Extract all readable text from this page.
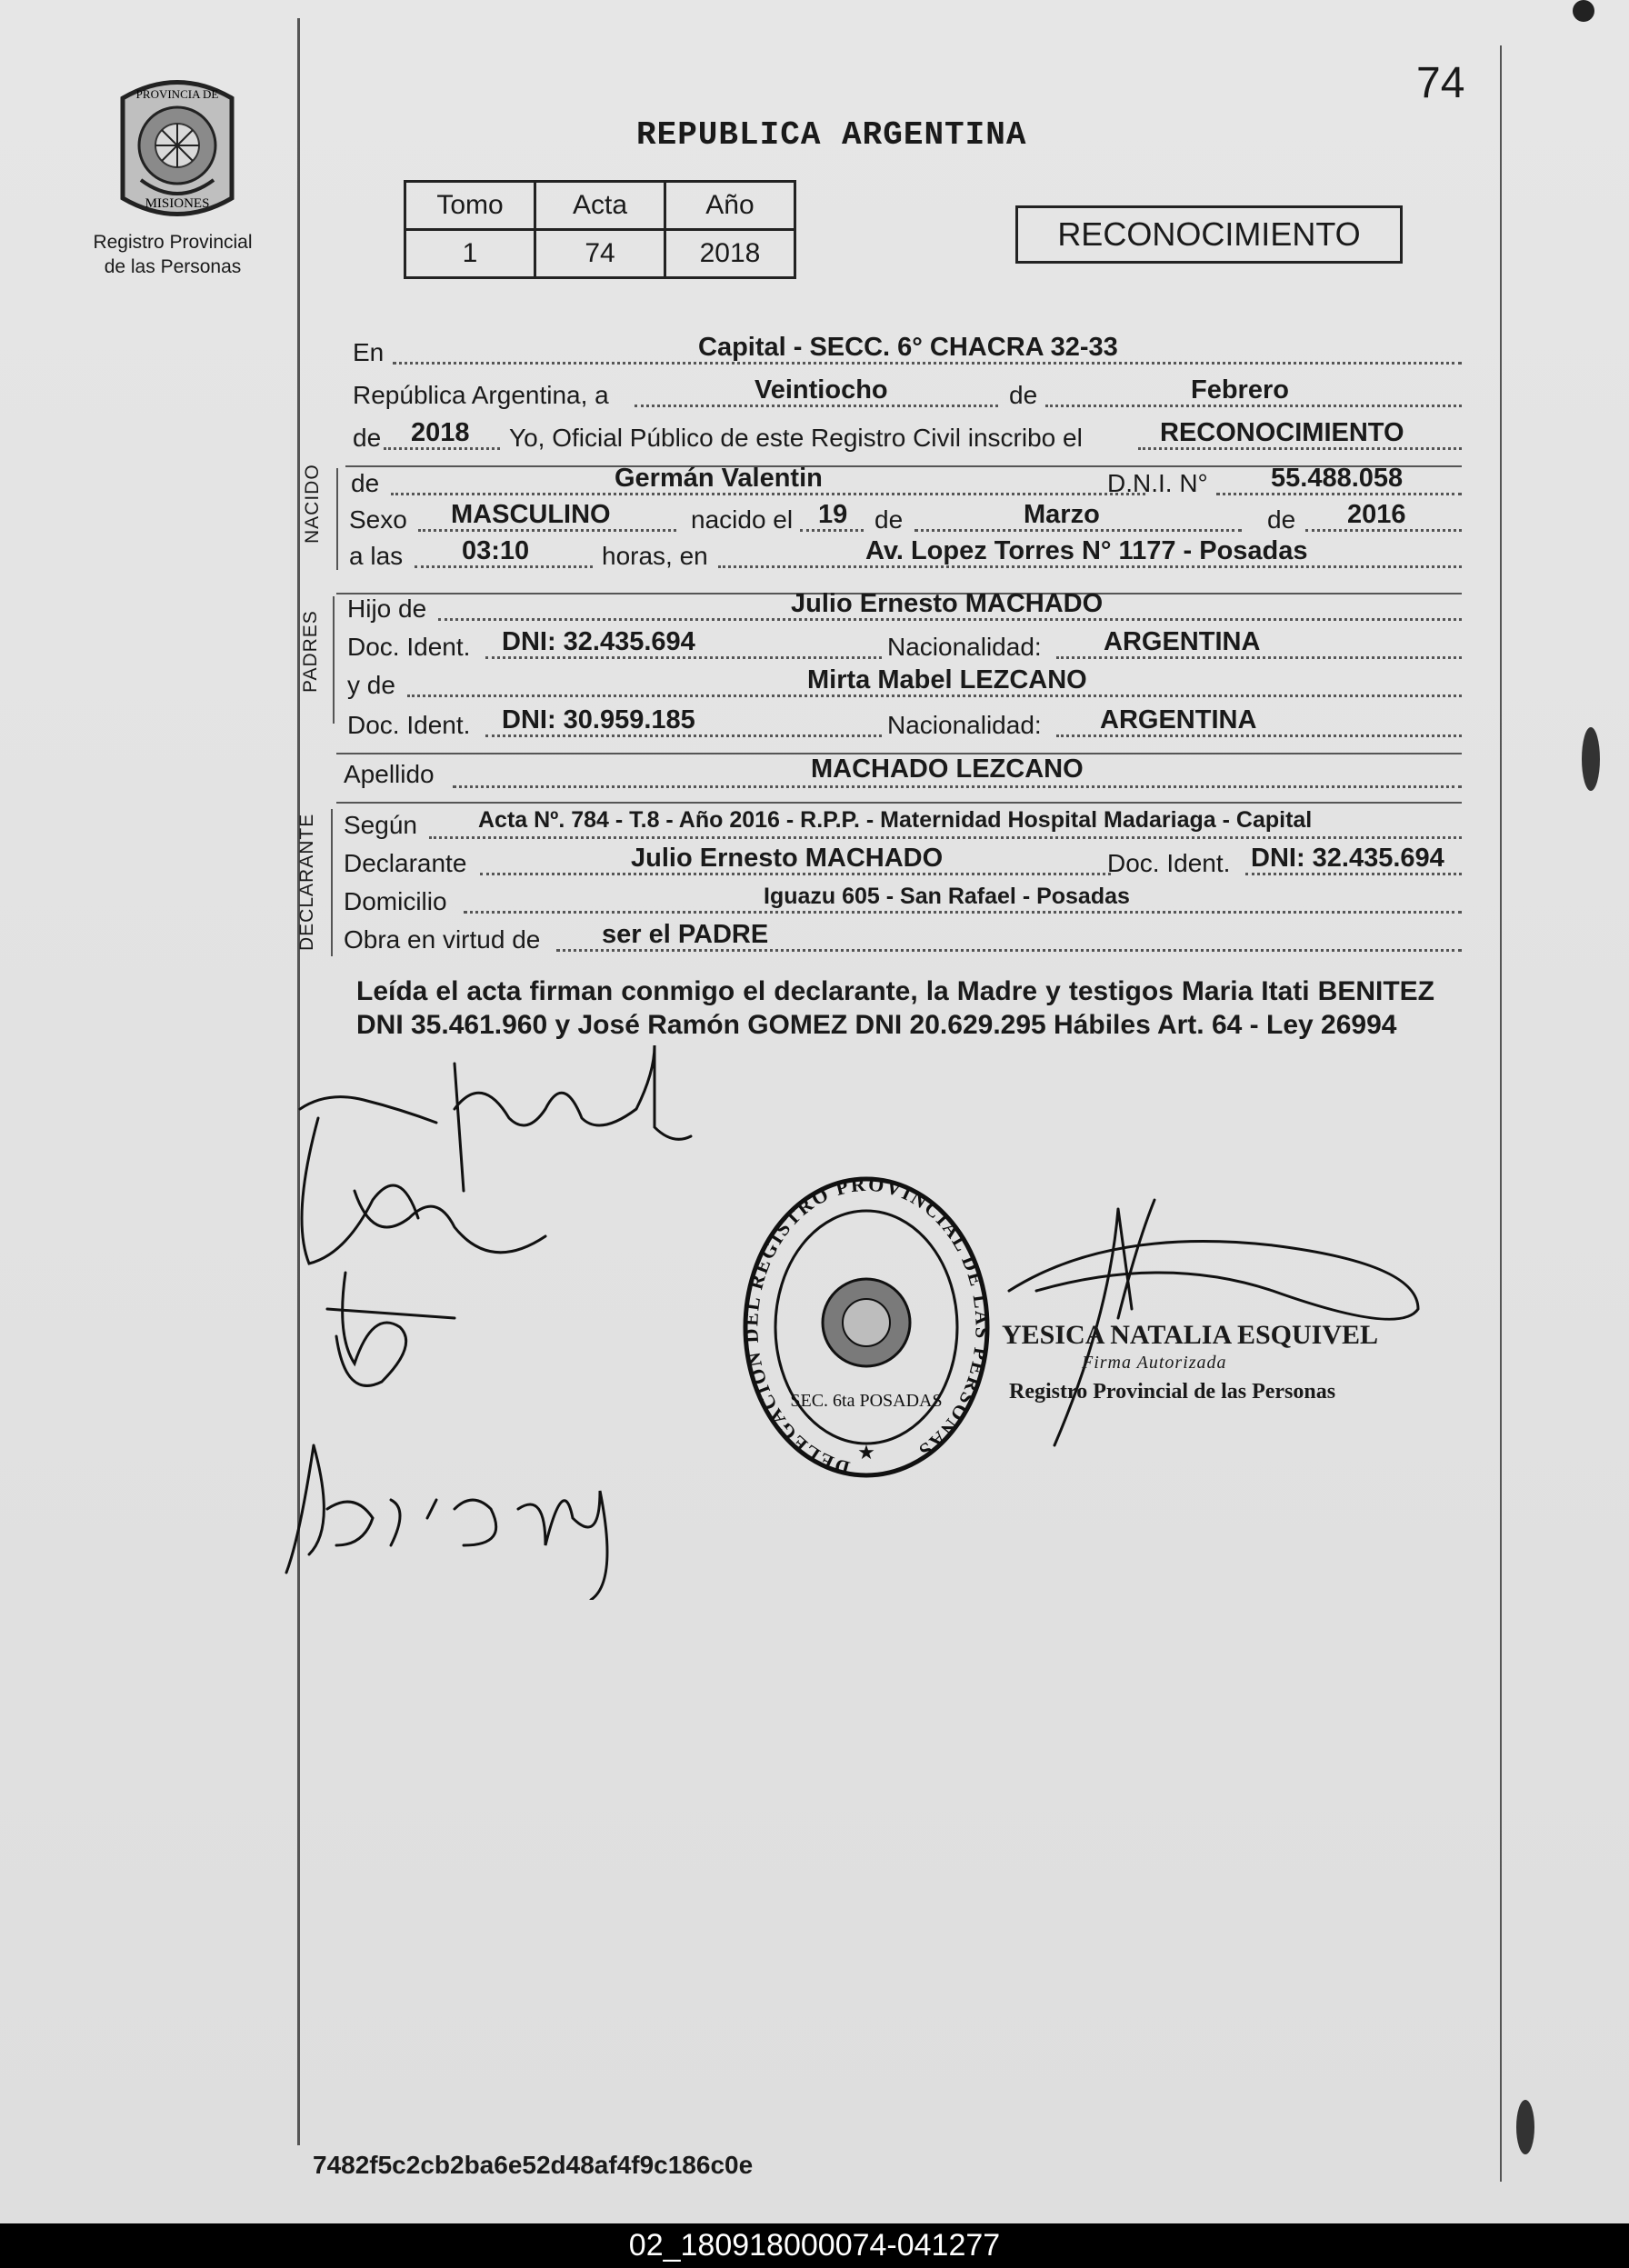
PROVINCIA DE
MISIONES
Registro Provincial
de las Personas
74
REPUBLICA ARGENTINA
Tomo	Acta	Año
1	74	2018
RECONOCIMIENTO
En	Capital - SECC. 6° CHACRA 32-33
República Argentina, a	Veintiocho	de	Febrero
de 2018 Yo, Oficial Público de este Registro Civil inscribo el	RECONOCIMIENTO
NACIDO de	Germán Valentin	D.N.I. N° 55.488.058
Sexo MASCULINO	nacido el 19 de	Marzo	de 2016
a las 03:10	horas, en	Av. Lopez Torres N° 1177 - Posadas
PADRES
Hijo de	Julio Ernesto MACHADO
Doc. Ident. DNI: 32.435.694	Nacionalidad: ARGENTINA
y de	Mirta Mabel LEZCANO
Doc. Ident. DNI: 30.959.185	Nacionalidad: ARGENTINA
Apellido	MACHADO LEZCANO
DECLARANTE Según	Acta Nº. 784 - T.8 - Año 2016 - R.P.P. - Maternidad Hospital Madariaga - Capital
Declarante	Julio Ernesto MACHADO	Doc. Ident. DNI: 32.435.694
Domicilio	Iguazu 605 - San Rafael - Posadas
Obra en virtud de ser el PADRE
Leída el acta firman conmigo el declarante, la Madre y testigos Maria Itati BENITEZ DNI 35.461.960 y José Ramón GOMEZ DNI 20.629.295 Hábiles Art. 64 - Ley 26994
DELEGACION DEL REGISTRO PROVINCIAL DE LAS PERSONAS
SEC. 6ta POSADAS
★
YESICA NATALIA ESQUIVEL
Firma Autorizada
Registro Provincial de las Personas
7482f5c2cb2ba6e52d48af4f9c186c0e
02_180918000074-041277
